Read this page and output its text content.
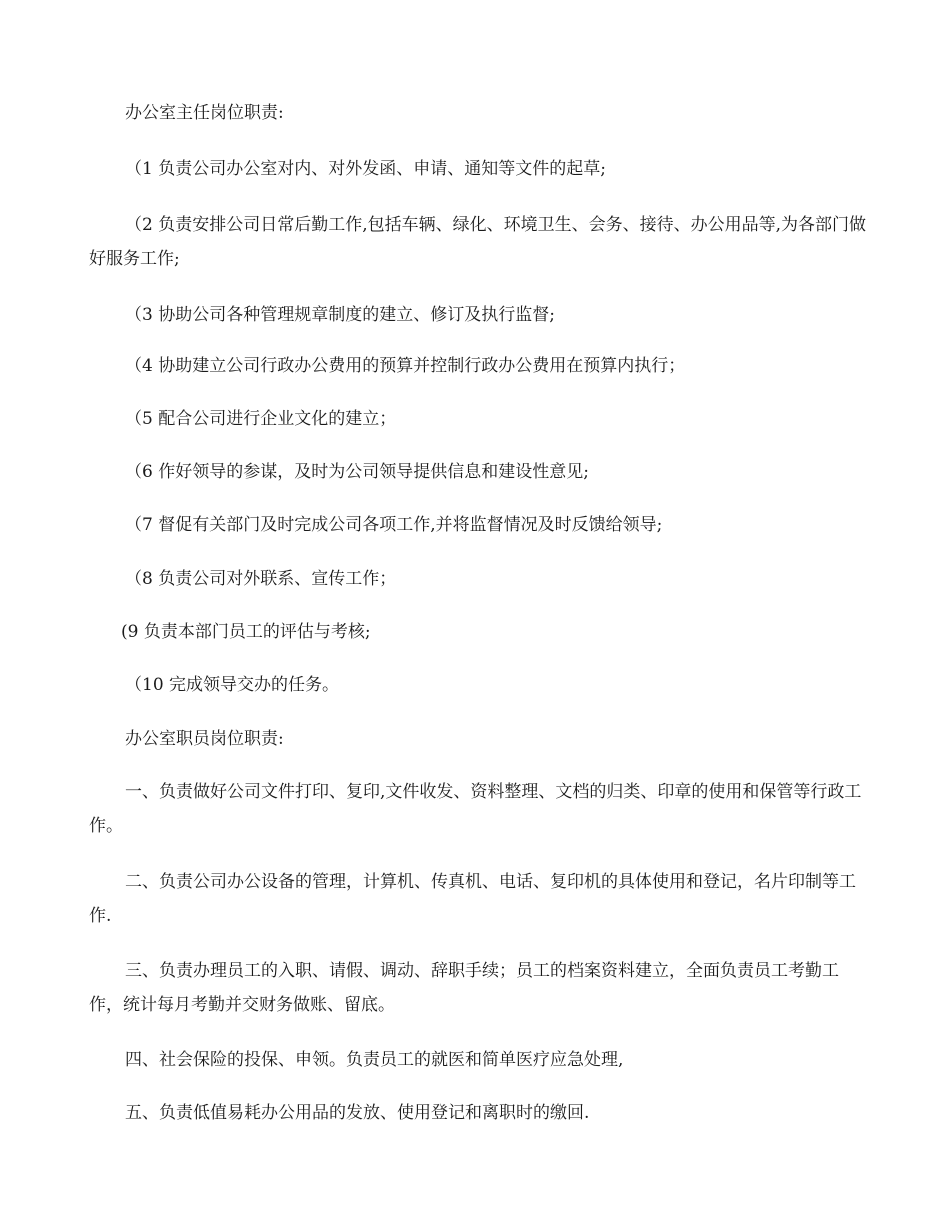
办公室主任岗位职责:

（1 负责公司办公室对内、对外发函、申请、通知等文件的起草;

（2 负责安排公司日常后勤工作,包括车辆、绿化、环境卫生、会务、接待、办公用品等,为各部门做好服务工作;

（3 协助公司各种管理规章制度的建立、修订及执行监督;

（4 协助建立公司行政办公费用的预算并控制行政办公费用在预算内执行；

（5 配合公司进行企业文化的建立；

（6 作好领导的参谋，及时为公司领导提供信息和建设性意见;

（7 督促有关部门及时完成公司各项工作,并将监督情况及时反馈给领导;

（8 负责公司对外联系、宣传工作；

(9 负责本部门员工的评估与考核;

（10 完成领导交办的任务。

办公室职员岗位职责:

一、负责做好公司文件打印、复印,文件收发、资料整理、文档的归类、印章的使用和保管等行政工作。

二、负责公司办公设备的管理，计算机、传真机、电话、复印机的具体使用和登记，名片印制等工作.

三、负责办理员工的入职、请假、调动、辞职手续；员工的档案资料建立，全面负责员工考勤工作，统计每月考勤并交财务做账、留底。

四、社会保险的投保、申领。负责员工的就医和简单医疗应急处理,

五、负责低值易耗办公用品的发放、使用登记和离职时的缴回.
